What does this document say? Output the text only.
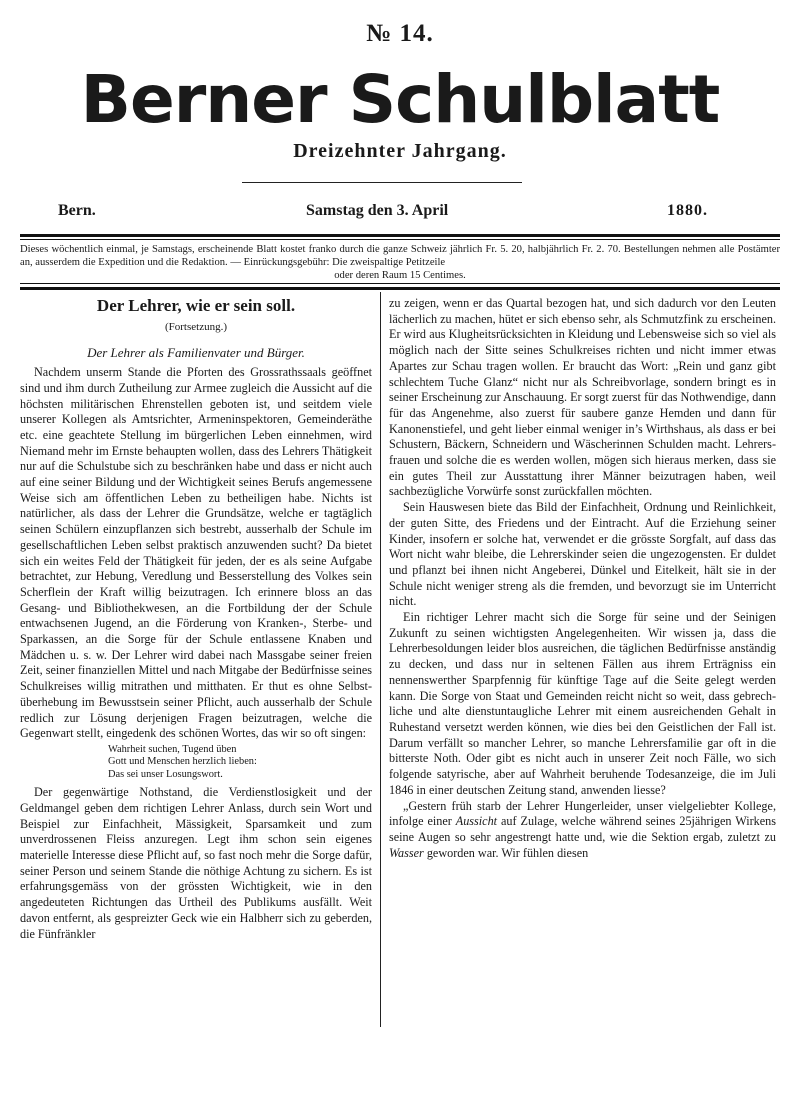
№ 14.
Berner Schulblatt
Dreizehnter Jahrgang.
Bern.	Samstag den 3. April	1880.
Dieses wöchentlich einmal, je Samstags, erscheinende Blatt kostet franko durch die ganze Schweiz jährlich Fr. 5. 20, halbjährlich Fr. 2. 70. Bestellungen nehmen alle Postämter an, ausserdem die Expedition und die Redaktion. — Einrückungsgebühr: Die zweispaltige Petitzeile
oder deren Raum 15 Centimes.
Der Lehrer, wie er sein soll.
(Fortsetzung.)
Der Lehrer als Familienvater und Bürger.

Nachdem unserm Stande die Pforten des Grossrathssaals geöffnet sind und ihm durch Zutheilung zur Armee zugleich die Aussicht auf die höchsten militärischen Ehrenstellen geboten ist, und seitdem viele unserer Kollegen als Amtsrichter, Armeninspektoren, Gemeinderäthe etc. eine geachtete Stellung im bürgerlichen Leben einnehmen, wird Niemand mehr im Ernste behaupten wollen, dass des Lehrers Thätigkeit nur auf die Schulstube sich zu beschränken habe und dass er nicht auch auf eine seiner Bildung und der Wichtigkeit seines Berufs angemessene Weise sich am öffentlichen Leben zu betheiligen habe. Nichts ist natürlicher, als dass der Lehrer die Grundsätze, welche er tagtäglich seinen Schülern einzupflanzen sich bestrebt, ausserhalb der Schule im gesellschaftlichen Leben selbst praktisch anzuwenden sucht? Da bietet sich ein weites Feld der Thätigkeit für jeden, der es als seine Aufgabe betrachtet, zur Hebung, Veredlung und Besserstellung des Volkes sein Scherflein der Kraft willig beizutragen. Ich erinnere bloss an das Gesang- und Bibliothekwesen, an die Fortbildung der der Schule entwachsenen Jugend, an die Förderung von Kranken-, Sterbe- und Sparkassen, an die Sorge für der Schule entlassene Knaben und Mädchen u. s. w. Der Lehrer wird dabei nach Massgabe seiner freien Zeit, seiner finanziellen Mittel und nach Mitgabe der Bedürfnisse seines Schulkreises willig mitrathen und mitthaten. Er thut es ohne Selbstüberhebung im Bewusstsein seiner Pflicht, auch ausserhalb der Schule redlich zur Lösung derjenigen Fragen beizutragen, welche die Gegenwart stellt, eingedenk des schönen Wortes, das wir so oft singen:

Wahrheit suchen, Tugend üben
Gott und Menschen herzlich lieben:
Das sei unser Losungswort.

Der gegenwärtige Nothstand, die Verdienstlosigkeit und der Geldmangel geben dem richtigen Lehrer Anlass, durch sein Wort und Beispiel zur Einfachheit, Mässigkeit, Sparsamkeit und zum unverdrossenen Fleiss anzuregen. Legt ihm schon sein eigenes materielle Interesse diese Pflicht auf, so fast noch mehr die Sorge dafür, seiner Person und seinem Stande die nöthige Achtung zu sichern. Es ist erfahrungsgemäss von der grössten Wichtigkeit, wie in den angedeuteten Richtungen das Urtheil des Publikums ausfällt. Weit davon entfernt, als gespreizter Geck wie ein Halbherr sich zu geberden, die Fünfränkler

zu zeigen, wenn er das Quartal bezogen hat, und sich dadurch vor den Leuten lächerlich zu machen, hütet er sich ebenso sehr, als Schmutzfink zu erscheinen. Er wird aus Klugheitsrücksichten in Kleidung und Lebensweise sich so viel als möglich nach der Sitte seines Schulkreises richten und nicht immer etwas Apartes zur Schau tragen wollen. Er braucht das Wort: „Rein und ganz gibt schlechtem Tuche Glanz“ nicht nur als Schreibvorlage, sondern bringt es in seiner Erscheinung zur Anschauung. Er sorgt zuerst für das Nothwendige, dann für das Angenehme, also zuerst für saubere ganze Hemden und dann für Kanonenstiefel, und geht lieber einmal weniger in’s Wirthshaus, als dass er bei Schustern, Bäckern, Schneidern und Wäscherinnen Schulden macht. Lehrersfrauen und solche die es werden wollen, mögen sich hieraus merken, dass sie ein gutes Theil zur Ausstattung ihrer Männer beizutragen haben, weil sachbezügliche Vorwürfe sonst zurückfallen möchten.

Sein Hauswesen biete das Bild der Einfachheit, Ordnung und Reinlichkeit, der guten Sitte, des Friedens und der Eintracht. Auf die Erziehung seiner Kinder, insofern er solche hat, verwendet er die grösste Sorgfalt, auf dass das Wort nicht wahr bleibe, die Lehrerskinder seien die ungezogensten. Er duldet und pflanzt bei ihnen nicht Angeberei, Dünkel und Eitelkeit, hält sie in der Schule nicht weniger streng als die fremden, und bevorzugt sie im Unterricht nicht.

Ein richtiger Lehrer macht sich die Sorge für seine und der Seinigen Zukunft zu seinen wichtigsten Angelegenheiten. Wir wissen ja, dass die Lehrerbesoldungen leider blos ausreichen, die täglichen Bedürfnisse anständig zu decken, und dass nur in seltenen Fällen aus ihrem Erträgniss ein nennenswerther Sparpfennig für künftige Tage auf die Seite gelegt werden kann. Die Sorge von Staat und Gemeinden reicht nicht so weit, dass gebrechliche und alte dienstuntaugliche Lehrer mit einem ausreichenden Gehalt in Ruhestand versetzt werden können, wie dies bei den Geistlichen der Fall ist. Darum verfällt so mancher Lehrer, so manche Lehrersfamilie gar oft in die bitterste Noth. Oder gibt es nicht auch in unserer Zeit noch Fälle, wo sich folgende satyrische, aber auf Wahrheit beruhende Todesanzeige, die im Juli 1846 in einer deutschen Zeitung stand, anwenden liesse?

„Gestern früh starb der Lehrer Hungerleider, unser vielgeliebter Kollege, infolge einer Aussicht auf Zulage, welche während seines 25jährigen Wirkens seine Augen so sehr angestrengt hatte und, wie die Sektion ergab, zuletzt zu Wasser geworden war. Wir fühlen diesen
